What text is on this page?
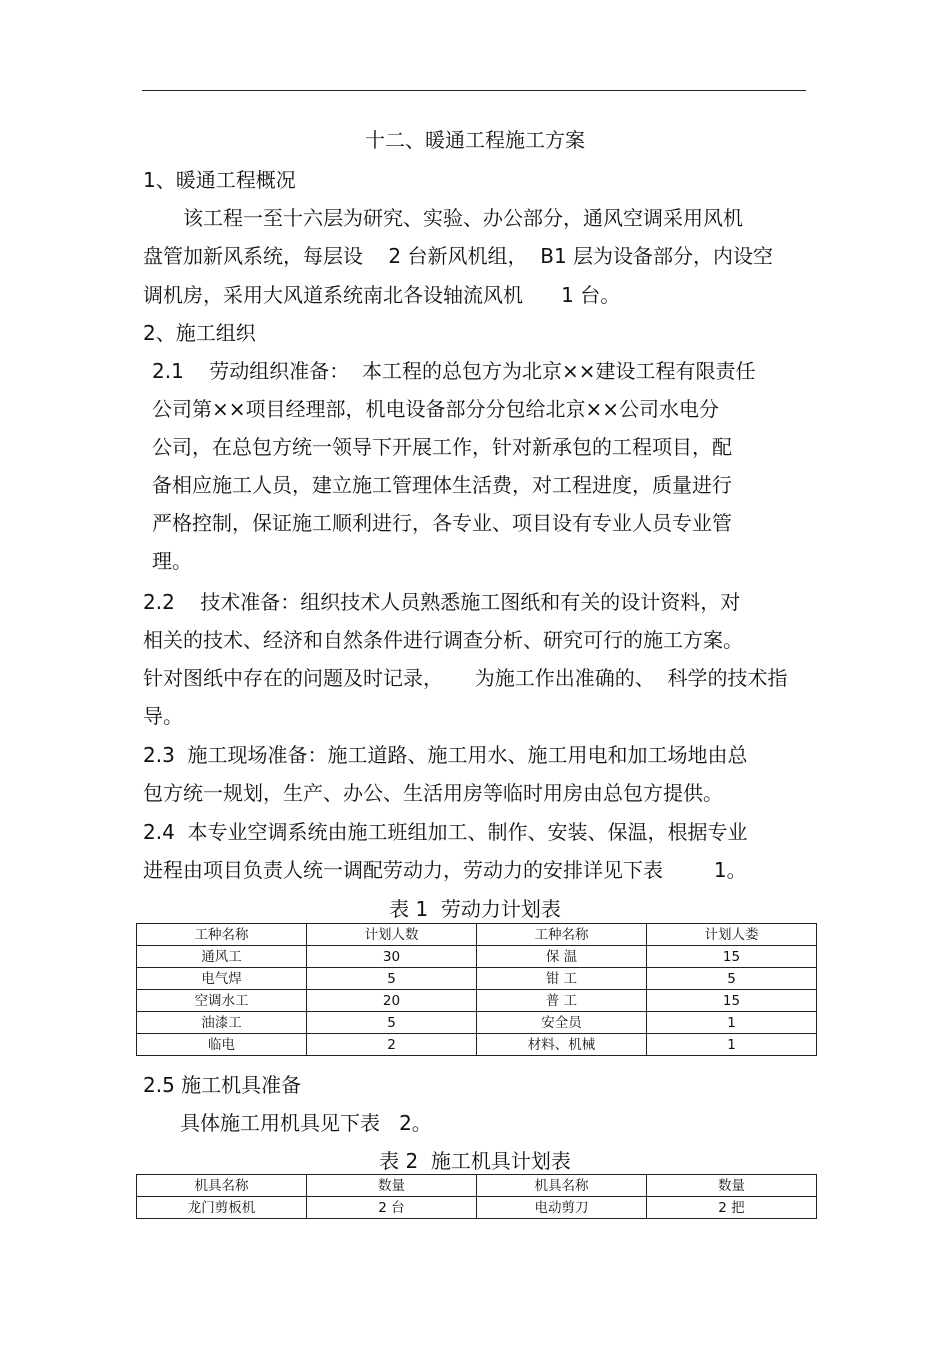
十二、暖通工程施工方案
1、暖通工程概况
该工程一至十六层为研究、实验、办公部分，通风空调采用风机
盘管加新风系统，每层设    2 台新风机组，  B1 层为设备部分，内设空
调机房，采用大风道系统南北各设轴流风机      1 台。
2、施工组织
2.1    劳动组织准备：  本工程的总包方为北京××建设工程有限责任
公司第××项目经理部，机电设备部分分包给北京××公司水电分
公司，在总包方统一领导下开展工作，针对新承包的工程项目，配
备相应施工人员，建立施工管理体生活费，对工程进度，质量进行
严格控制，保证施工顺利进行，各专业、项目设有专业人员专业管
理。
2.2    技术准备：组织技术人员熟悉施工图纸和有关的设计资料，对
相关的技术、经济和自然条件进行调查分析、研究可行的施工方案。
针对图纸中存在的问题及时记录，     为施工作出准确的、  科学的技术指
导。
2.3  施工现场准备：施工道路、施工用水、施工用电和加工场地由总
包方统一规划，生产、办公、生活用房等临时用房由总包方提供。
2.4  本专业空调系统由施工班组加工、制作、安装、保温，根据专业
进程由项目负责人统一调配劳动力，劳动力的安排详见下表        1。
表 1  劳动力计划表
工种名称	计划人数	工种名称	计划人娄
通风工	30	保 温	15
电气焊	5	钳 工	5
空调水工	20	普 工	15
油漆工	5	安全员	1
临电	2	材料、机械	1
2.5 施工机具准备
具体施工用机具见下表   2。
表 2  施工机具计划表
机具名称	数量	机具名称	数量
龙门剪板机	2 台	电动剪刀	2 把
